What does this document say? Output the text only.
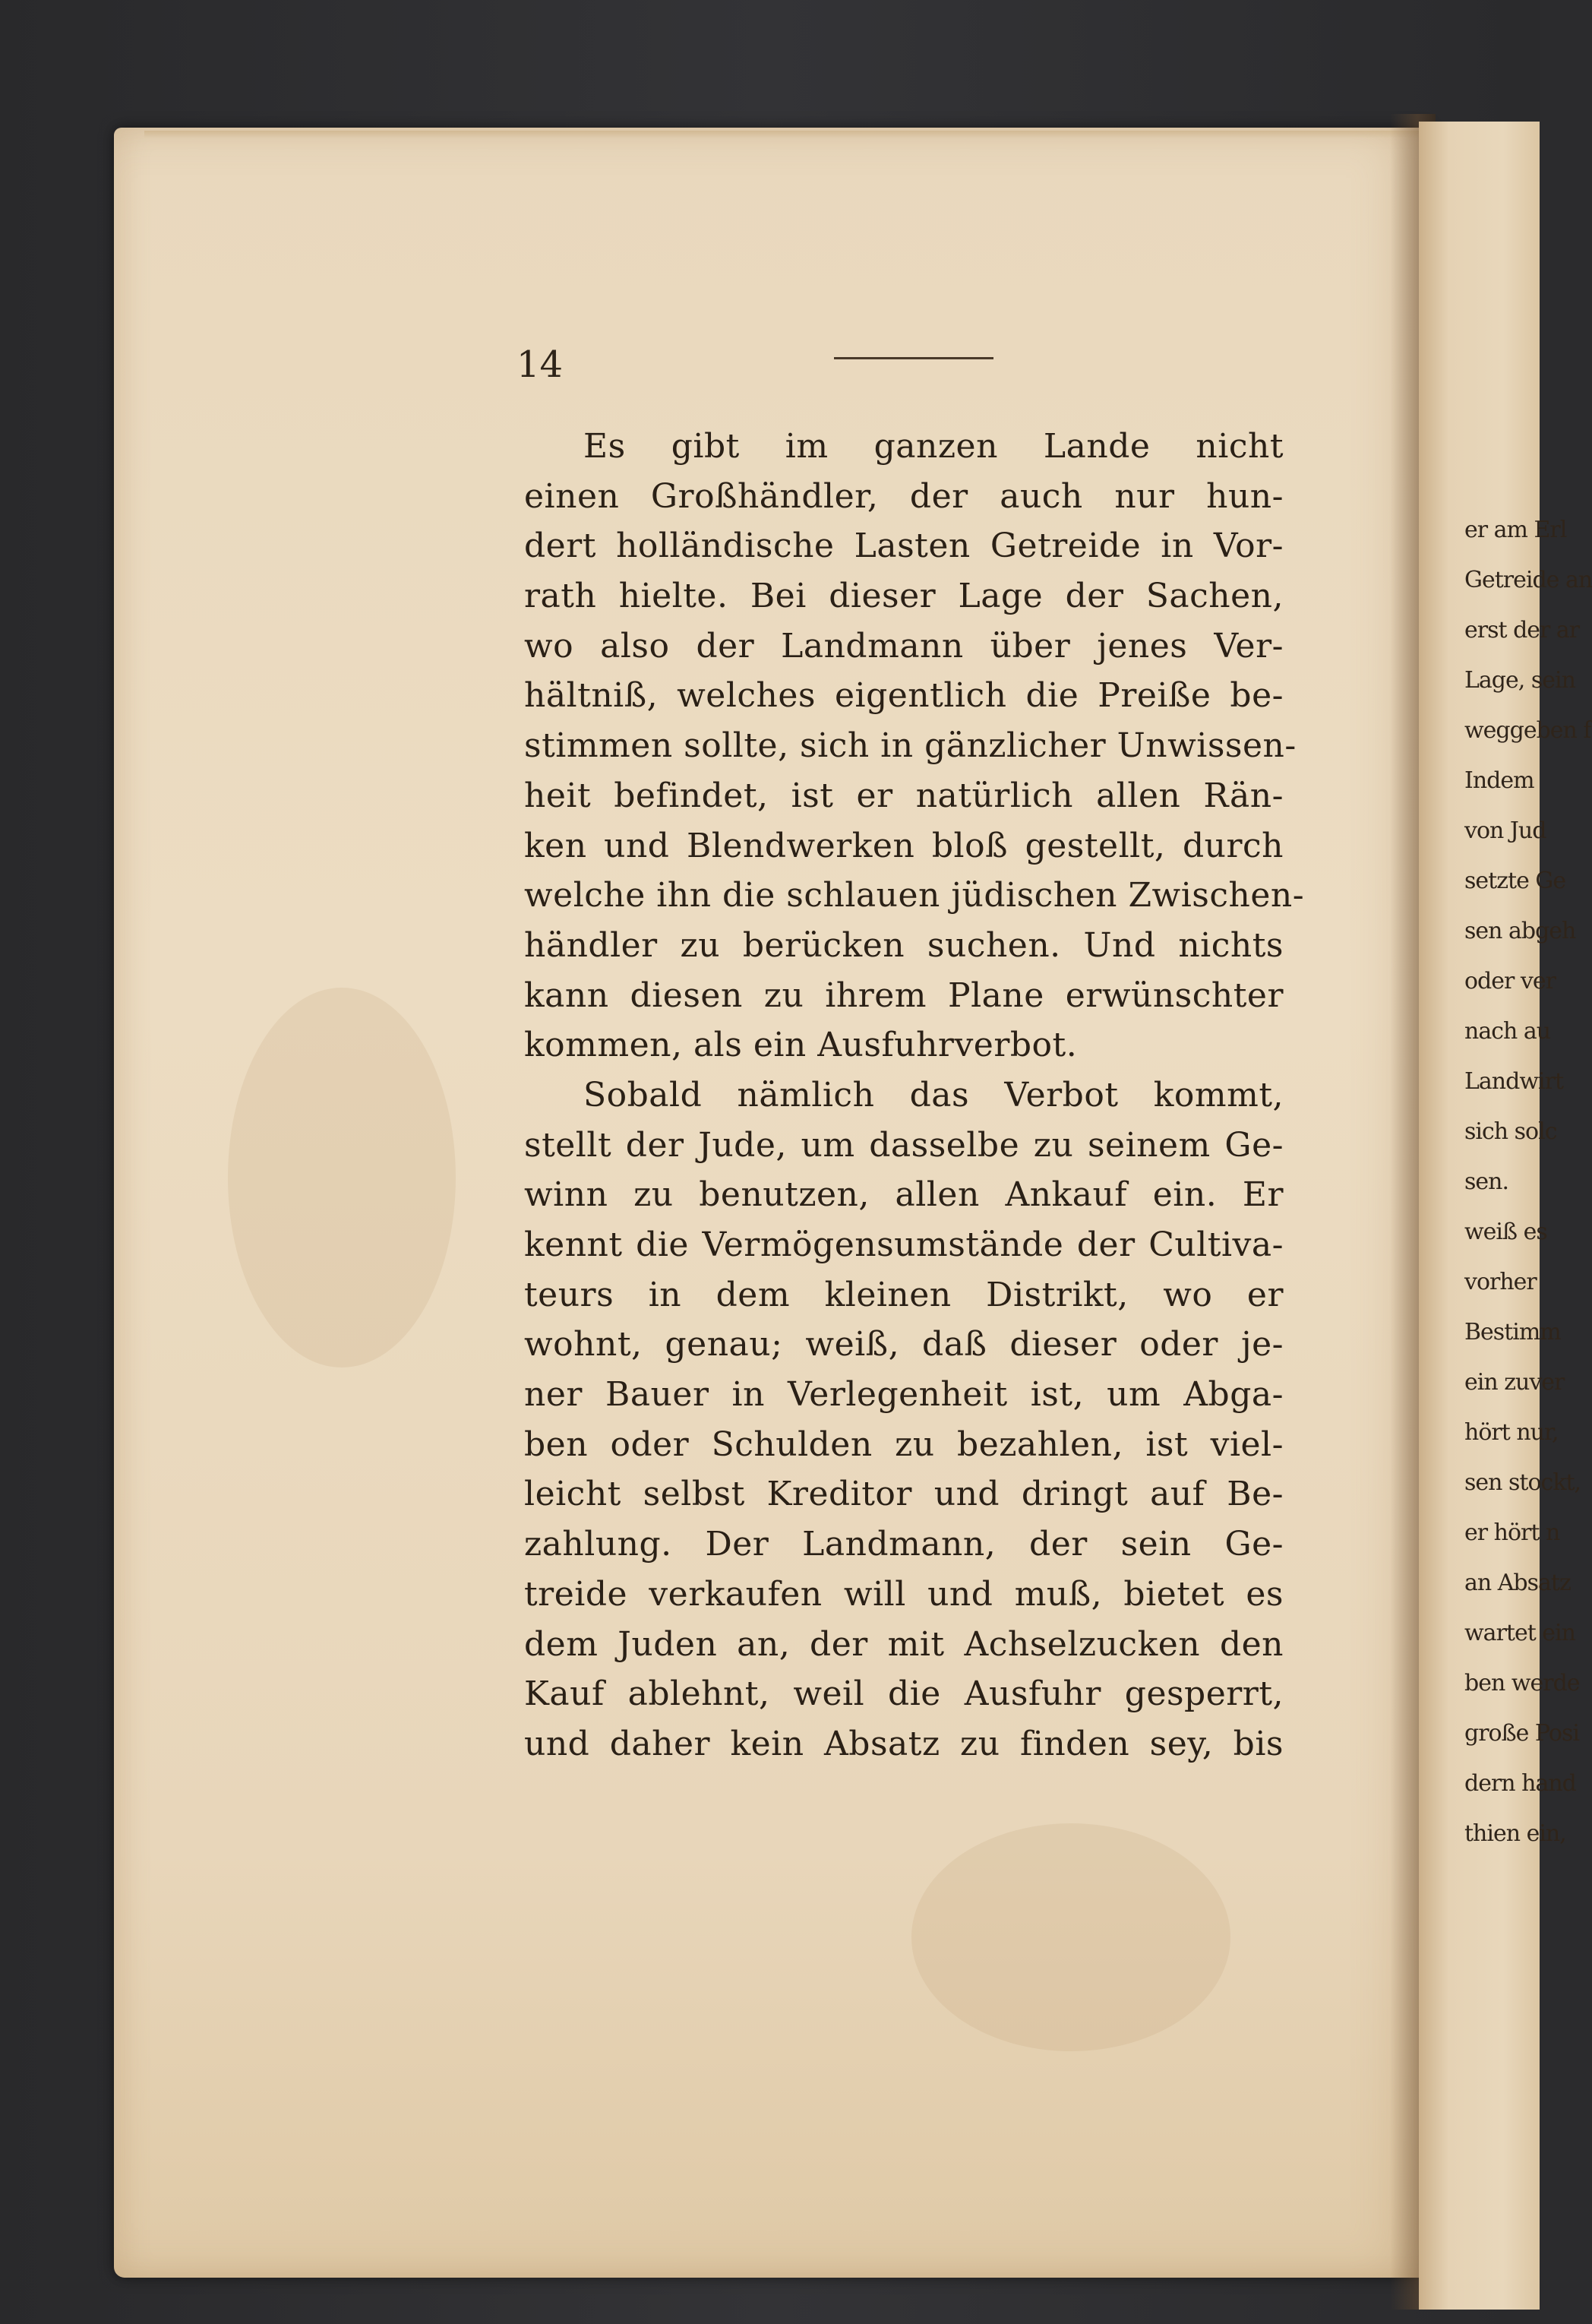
er am Erl
Getreide an
erst der ar
Lage, sein
weggeben f
Indem
von Jud
setzte Ge
sen abgeh
oder ver
nach au
Landwirt
sich solc
sen.
weiß es
vorher
Bestimm
ein zuver
hört nur,
sen stockt,
er hört n
an Absatz
wartet ein
ben werde
große Posi
dern hand
thien ein,
14
Es gibt im ganzen Lande nicht
einen Großhändler, der auch nur hun-
dert holländische Lasten Getreide in Vor-
rath hielte. Bei dieser Lage der Sachen,
wo also der Landmann über jenes Ver-
hältniß, welches eigentlich die Preiße be-
stimmen sollte, sich in gänzlicher Unwissen-
heit befindet, ist er natürlich allen Rän-
ken und Blendwerken bloß gestellt, durch
welche ihn die schlauen jüdischen Zwischen-
händler zu berücken suchen. Und nichts
kann diesen zu ihrem Plane erwünschter
kommen, als ein Ausfuhrverbot.
Sobald nämlich das Verbot kommt,
stellt der Jude, um dasselbe zu seinem Ge-
winn zu benutzen, allen Ankauf ein. Er
kennt die Vermögensumstände der Cultiva-
teurs in dem kleinen Distrikt, wo er
wohnt, genau; weiß, daß dieser oder je-
ner Bauer in Verlegenheit ist, um Abga-
ben oder Schulden zu bezahlen, ist viel-
leicht selbst Kreditor und dringt auf Be-
zahlung. Der Landmann, der sein Ge-
treide verkaufen will und muß, bietet es
dem Juden an, der mit Achselzucken den
Kauf ablehnt, weil die Ausfuhr gesperrt,
und daher kein Absatz zu finden sey, bis
